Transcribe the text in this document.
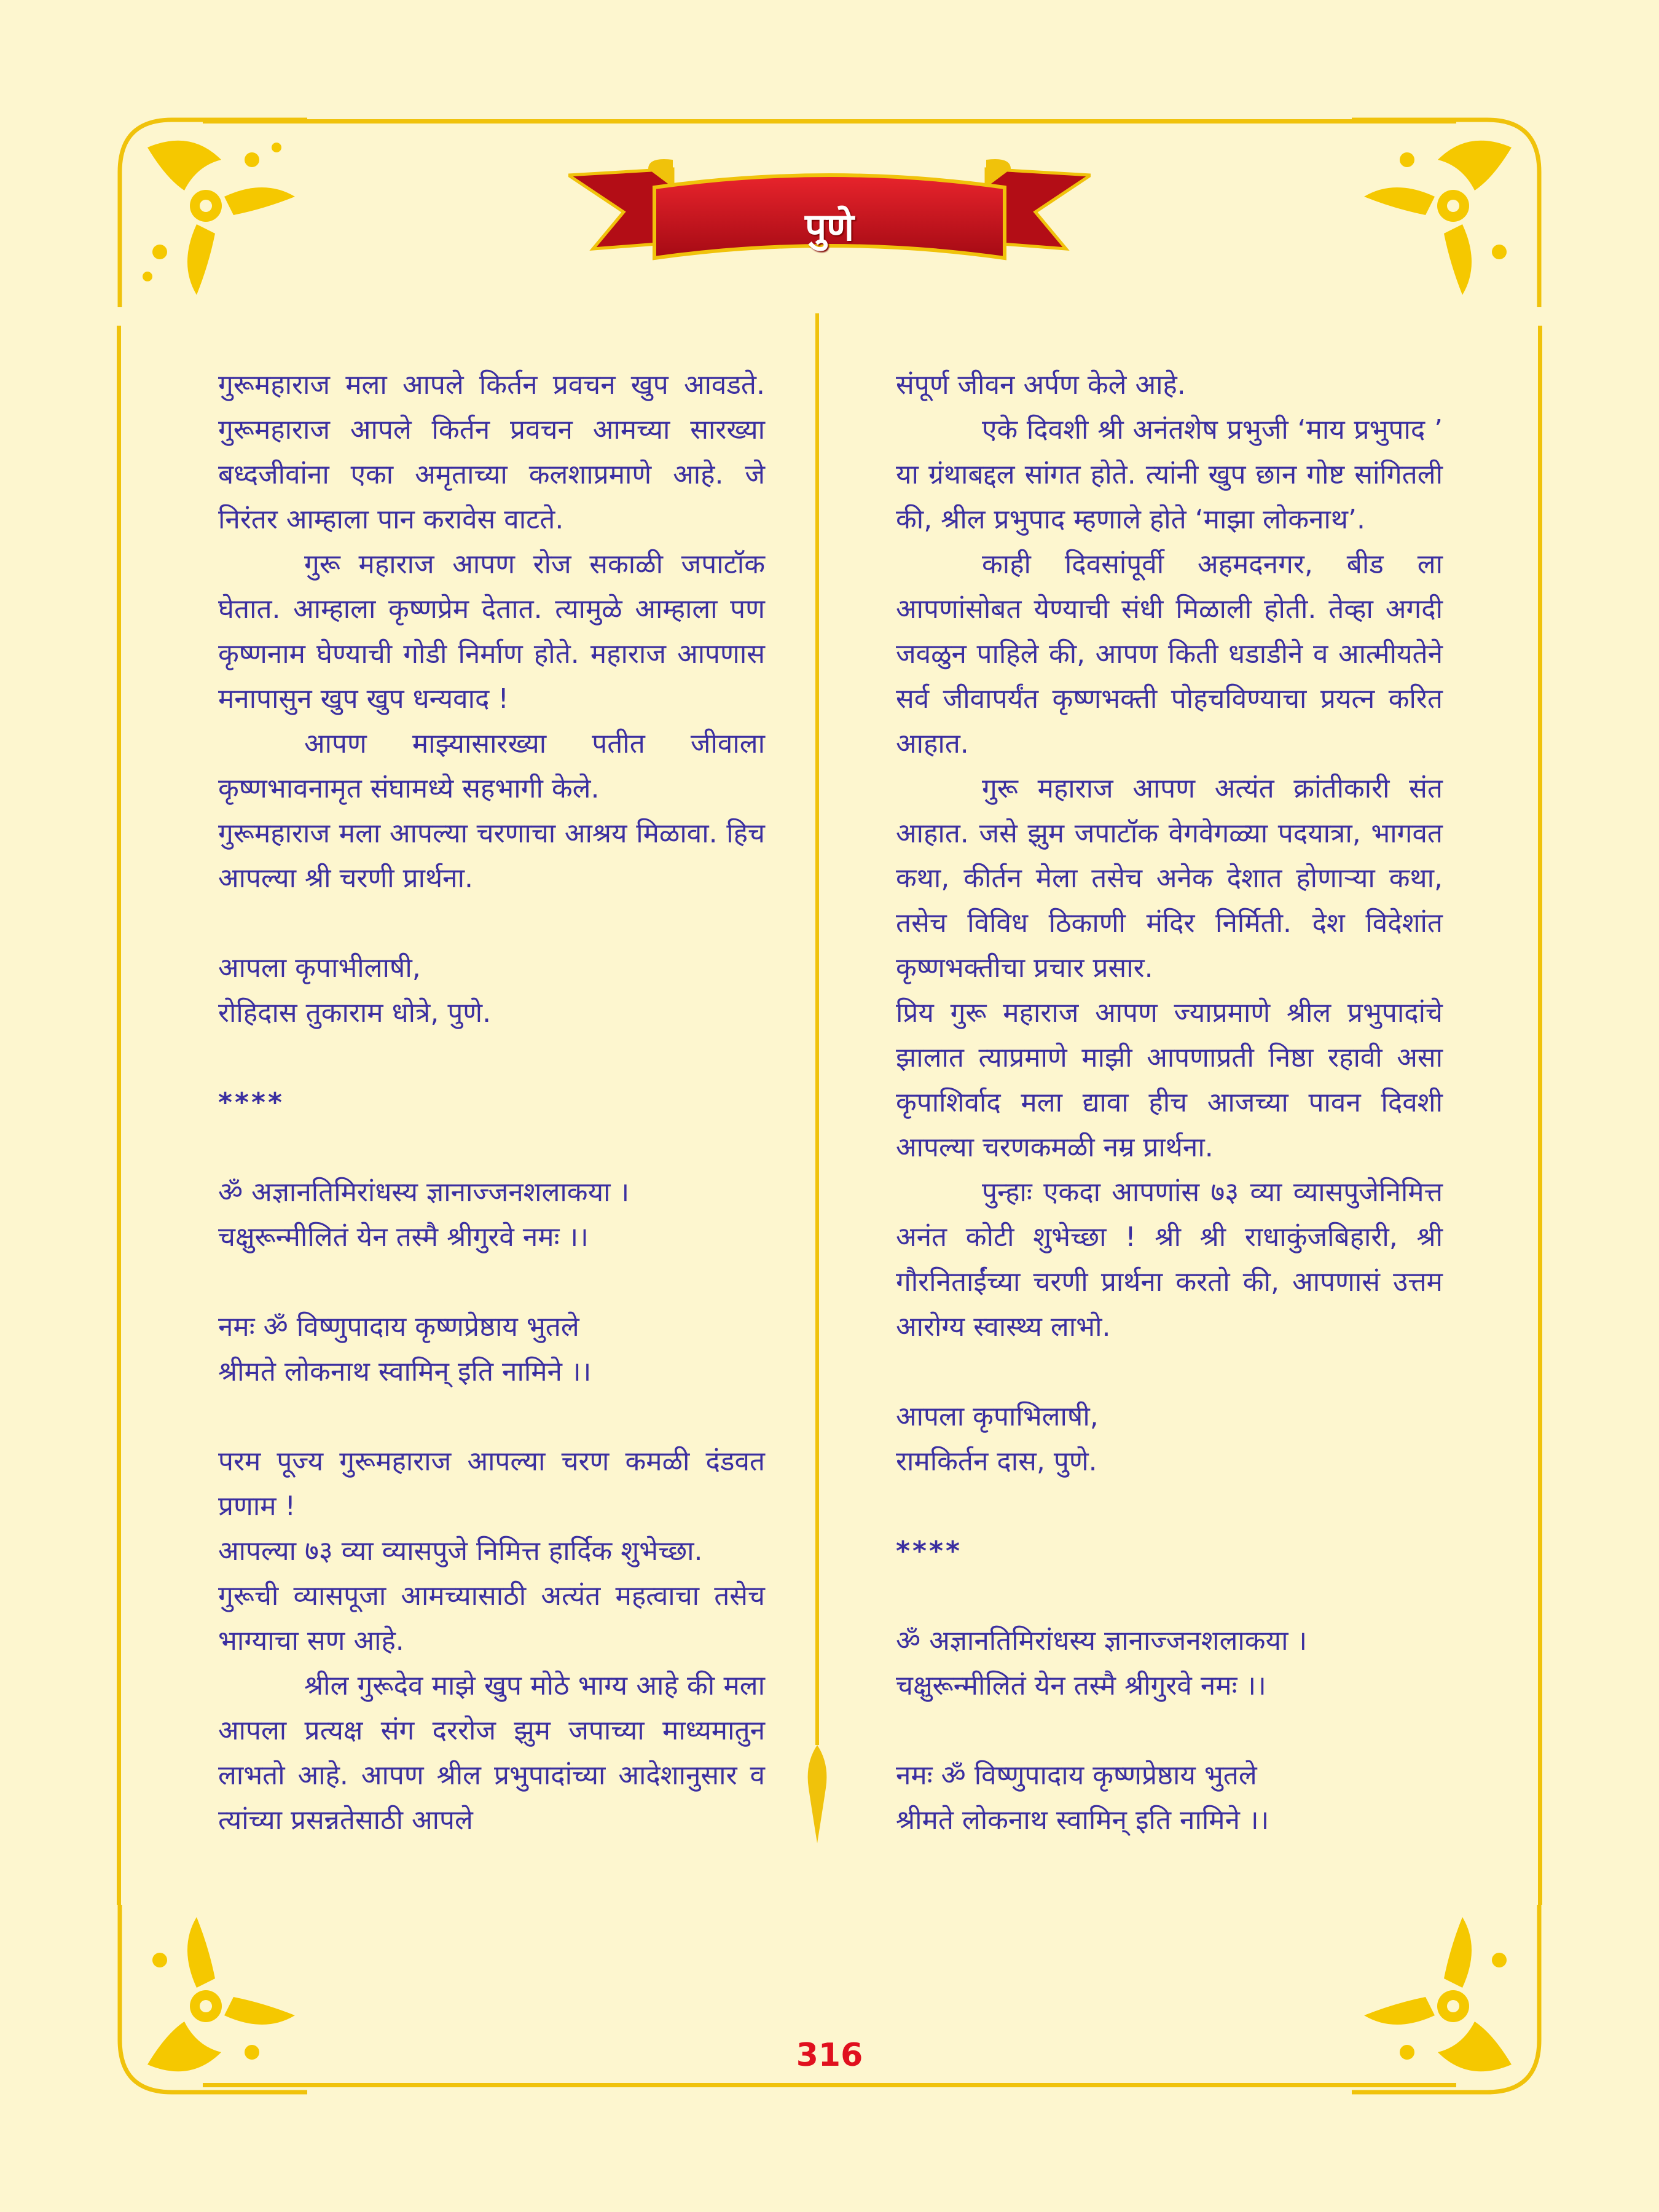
पुणे

गुरूमहाराज मला आपले किर्तन प्रवचन खुप आवडते. गुरूमहाराज आपले किर्तन प्रवचन आमच्या सारख्या बध्दजीवांना एका अमृताच्या कलशाप्रमाणे आहे. जे निरंतर आम्हाला पान करावेस वाटते.

गुरू महाराज आपण रोज सकाळी जपाटॉक घेतात. आम्हाला कृष्णप्रेम देतात. त्यामुळे आम्हाला पण कृष्णनाम घेण्याची गोडी निर्माण होते. महाराज आपणास मनापासुन खुप खुप धन्यवाद !

आपण माझ्यासारख्या पतीत जीवाला कृष्णभावनामृत संघामध्ये सहभागी केले.

गुरूमहाराज मला आपल्या चरणाचा आश्रय मिळावा. हिच आपल्या श्री चरणी प्रार्थना.

आपला कृपाभीलाषी,

रोहिदास तुकाराम धोत्रे, पुणे.

****

ॐ अज्ञानतिमिरांधस्य ज्ञानाज्जनशलाकया ।

चक्षुरून्मीलितं येन तस्मै श्रीगुरवे नमः ।।

नमः ॐ विष्णुपादाय कृष्णप्रेष्ठाय भुतले

श्रीमते लोकनाथ स्वामिन् इति नामिने ।।

परम पूज्य गुरूमहाराज आपल्या चरण कमळी दंडवत प्रणाम !

आपल्या ७३ व्या व्यासपुजे निमित्त हार्दिक शुभेच्छा.

गुरूची व्यासपूजा आमच्यासाठी अत्यंत महत्वाचा तसेच भाग्याचा सण आहे.

श्रील गुरूदेव माझे खुप मोठे भाग्य आहे की मला आपला प्रत्यक्ष संग दररोज झुम जपाच्या माध्यमातुन लाभतो आहे. आपण श्रील प्रभुपादांच्या आदेशानुसार व त्यांच्या प्रसन्नतेसाठी आपले

संपूर्ण जीवन अर्पण केले आहे.

एके दिवशी श्री अनंतशेष प्रभुजी ‘माय प्रभुपाद ’ या ग्रंथाबद्दल सांगत होते. त्यांनी खुप छान गोष्ट सांगितली की, श्रील प्रभुपाद म्हणाले होते ‘माझा लोकनाथ’.

काही दिवसांपूर्वी अहमदनगर, बीड ला आपणांसोबत येण्याची संधी मिळाली होती. तेव्हा अगदी जवळुन पाहिले की, आपण किती धडाडीने व आत्मीयतेने सर्व जीवापर्यंत कृष्णभक्ती पोहचविण्याचा प्रयत्न करित आहात.

गुरू महाराज आपण अत्यंत क्रांतीकारी संत आहात. जसे झुम जपाटॉक वेगवेगळ्या पदयात्रा, भागवत कथा, कीर्तन मेला तसेच अनेक देशात होणाऱ्या कथा, तसेच विविध ठिकाणी मंदिर निर्मिती. देश विदेशांत कृष्णभक्तीचा प्रचार प्रसार.

प्रिय गुरू महाराज आपण ज्याप्रमाणे श्रील प्रभुपादांचे झालात त्याप्रमाणे माझी आपणाप्रती निष्ठा रहावी असा कृपाशिर्वाद मला द्यावा हीच आजच्या पावन दिवशी आपल्या चरणकमळी नम्र प्रार्थना.

पुन्हाः एकदा आपणांस ७३ व्या व्यासपुजेनिमित्त अनंत कोटी शुभेच्छा ! श्री श्री राधाकुंजबिहारी, श्री गौरनिताईंच्या चरणी प्रार्थना करतो की, आपणासं उत्तम आरोग्य स्वास्थ्य लाभो.

आपला कृपाभिलाषी,

रामकिर्तन दास, पुणे.

****

ॐ अज्ञानतिमिरांधस्य ज्ञानाज्जनशलाकया ।

चक्षुरून्मीलितं येन तस्मै श्रीगुरवे नमः ।।

नमः ॐ विष्णुपादाय कृष्णप्रेष्ठाय भुतले

श्रीमते लोकनाथ स्वामिन् इति नामिने ।।

316
